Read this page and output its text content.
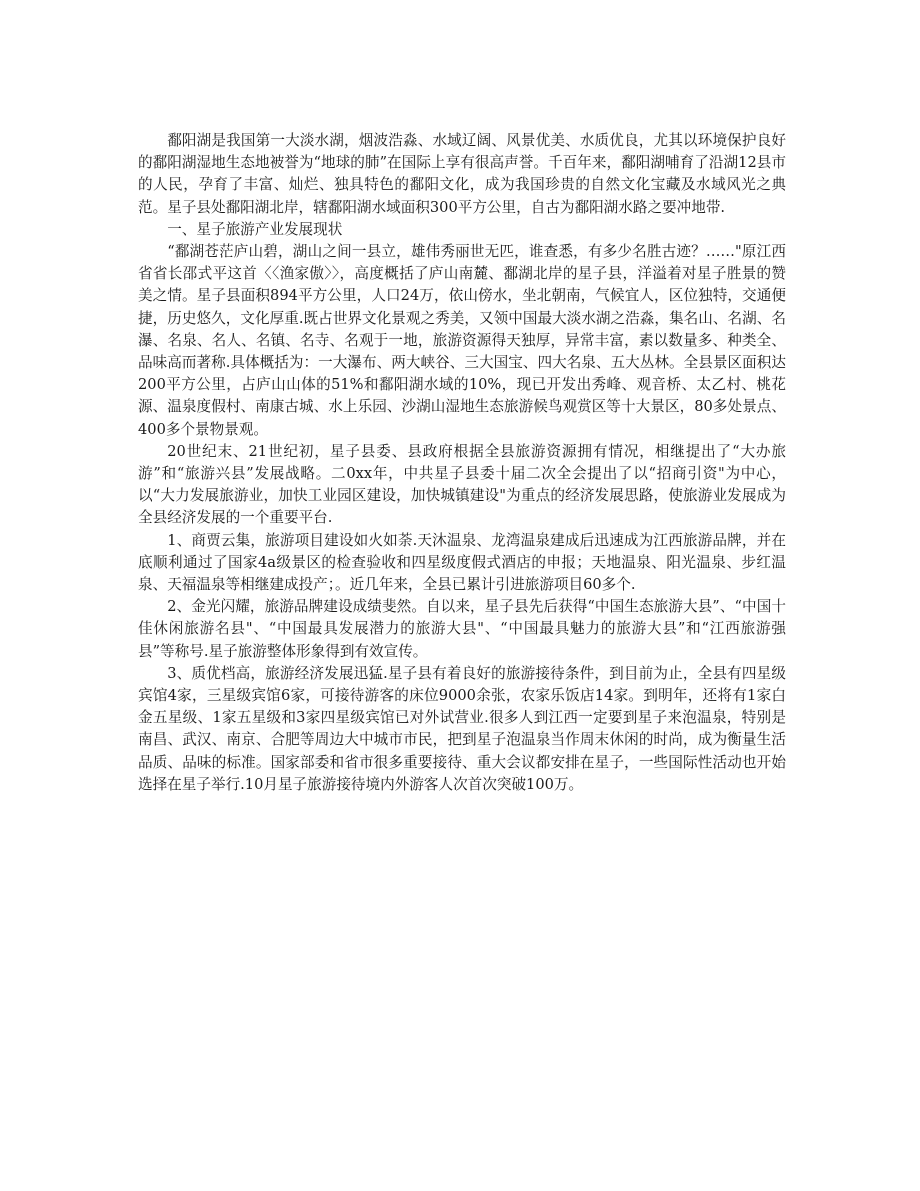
鄱阳湖是我国第一大淡水湖，烟波浩淼、水域辽阔、风景优美、水质优良，尤其以环境保护良好的鄱阳湖湿地生态地被誉为“地球的肺”在国际上享有很高声誉。千百年来，鄱阳湖哺育了沿湖12县市的人民，孕育了丰富、灿烂、独具特色的鄱阳文化，成为我国珍贵的自然文化宝藏及水域风光之典范。星子县处鄱阳湖北岸，辖鄱阳湖水域面积300平方公里，自古为鄱阳湖水路之要冲地带.

一、星子旅游产业发展现状

“鄱湖苍茫庐山碧，湖山之间一县立，雄伟秀丽世无匹，谁查悉，有多少名胜古迹？……"原江西省省长邵式平这首〈〈渔家傲〉〉，高度概括了庐山南麓、鄱湖北岸的星子县，洋溢着对星子胜景的赞美之情。星子县面积894平方公里，人口24万，依山傍水，坐北朝南，气候宜人，区位独特，交通便捷，历史悠久，文化厚重.既占世界文化景观之秀美，又领中国最大淡水湖之浩淼，集名山、名湖、名瀑、名泉、名人、名镇、名寺、名观于一地，旅游资源得天独厚，异常丰富，素以数量多、种类全、品味高而著称.具体概括为：一大瀑布、两大峡谷、三大国宝、四大名泉、五大丛林。全县景区面积达200平方公里，占庐山山体的51%和鄱阳湖水域的10%，现已开发出秀峰、观音桥、太乙村、桃花源、温泉度假村、南康古城、水上乐园、沙湖山湿地生态旅游候鸟观赏区等十大景区，80多处景点、400多个景物景观。

20世纪末、21世纪初，星子县委、县政府根据全县旅游资源拥有情况，相继提出了“大办旅游”和“旅游兴县”发展战略。二0xx年，中共星子县委十届二次全会提出了以“招商引资"为中心，以“大力发展旅游业，加快工业园区建设，加快城镇建设"为重点的经济发展思路，使旅游业发展成为全县经济发展的一个重要平台.

1、商贾云集，旅游项目建设如火如荼.天沐温泉、龙湾温泉建成后迅速成为江西旅游品牌，并在底顺利通过了国家4a级景区的检查验收和四星级度假式酒店的申报；天地温泉、阳光温泉、步红温泉、天福温泉等相继建成投产；。近几年来，全县已累计引进旅游项目60多个.

2、金光闪耀，旅游品牌建设成绩斐然。自以来，星子县先后获得“中国生态旅游大县”、“中国十佳休闲旅游名县"、“中国最具发展潜力的旅游大县"、“中国最具魅力的旅游大县”和“江西旅游强县”等称号.星子旅游整体形象得到有效宣传。

3、质优档高，旅游经济发展迅猛.星子县有着良好的旅游接待条件，到目前为止，全县有四星级宾馆4家，三星级宾馆6家，可接待游客的床位9000余张，农家乐饭店14家。到明年，还将有1家白金五星级、1家五星级和3家四星级宾馆已对外试营业.很多人到江西一定要到星子来泡温泉，特别是南昌、武汉、南京、合肥等周边大中城市市民，把到星子泡温泉当作周末休闲的时尚，成为衡量生活品质、品味的标准。国家部委和省市很多重要接待、重大会议都安排在星子，一些国际性活动也开始选择在星子举行.10月星子旅游接待境内外游客人次首次突破100万。
